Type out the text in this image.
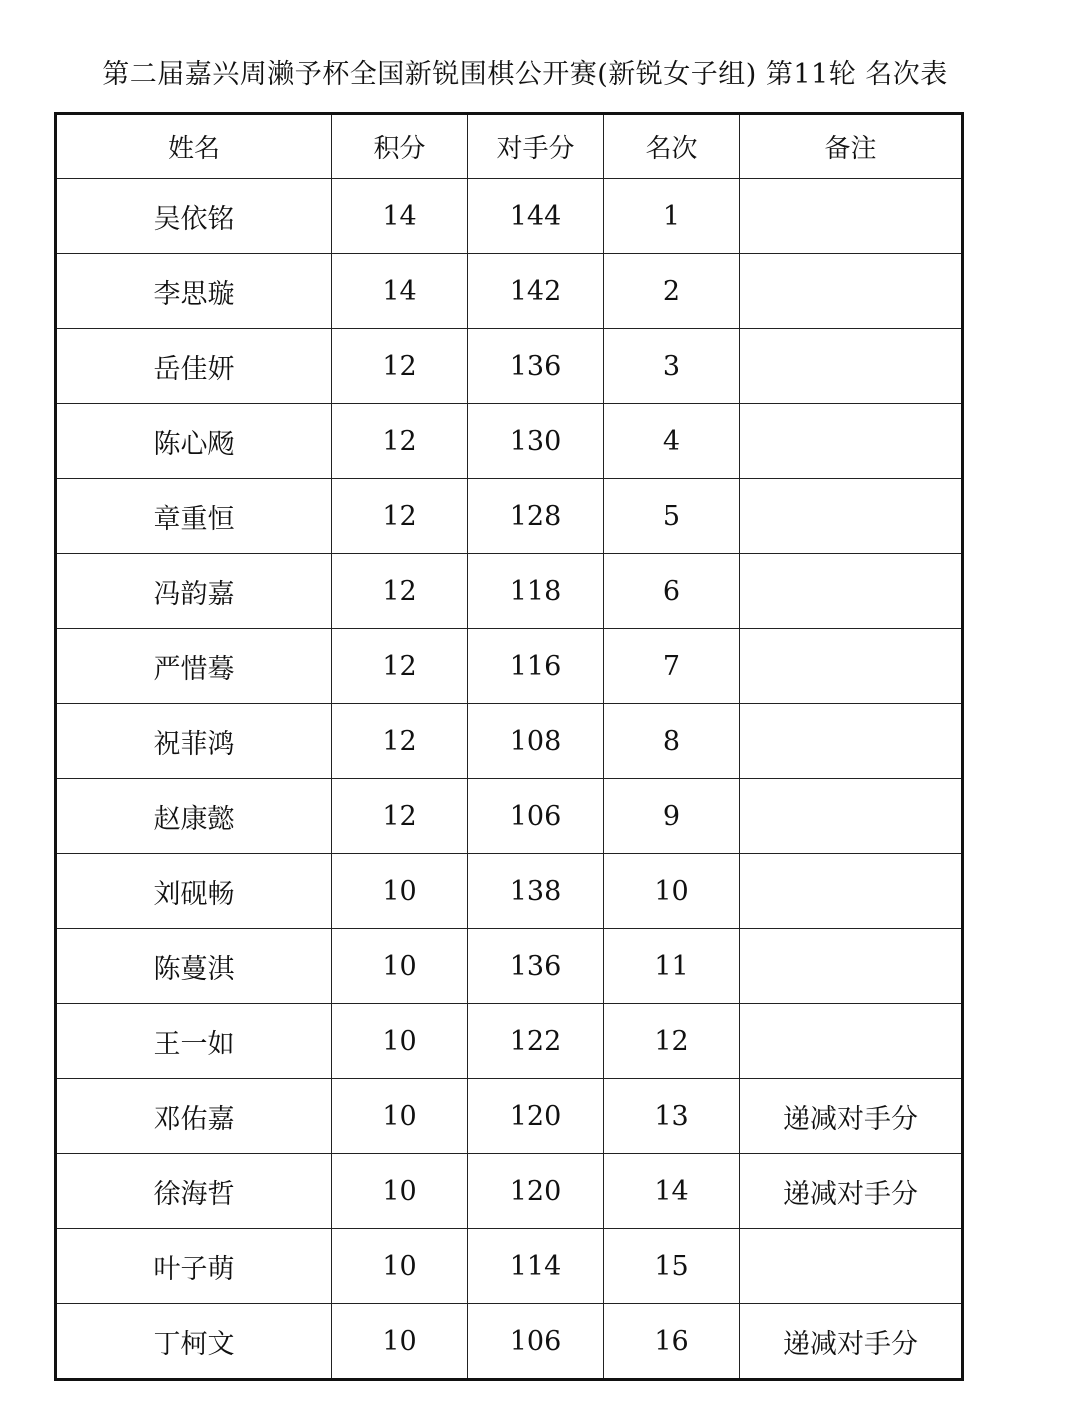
第二届嘉兴周濑予杯全国新锐围棋公开赛(新锐女子组) 第11轮 名次表
姓名	积分	对手分	名次	备注
吴依铭	14	144	1	
李思璇	14	142	2	
岳佳妍	12	136	3	
陈心飏	12	130	4	
章重恒	12	128	5	
冯韵嘉	12	118	6	
严惜蓦	12	116	7	
祝菲鸿	12	108	8	
赵康懿	12	106	9	
刘砚畅	10	138	10	
陈蔓淇	10	136	11	
王一如	10	122	12	
邓佑嘉	10	120	13	递减对手分
徐海哲	10	120	14	递减对手分
叶子萌	10	114	15	
丁柯文	10	106	16	递减对手分
